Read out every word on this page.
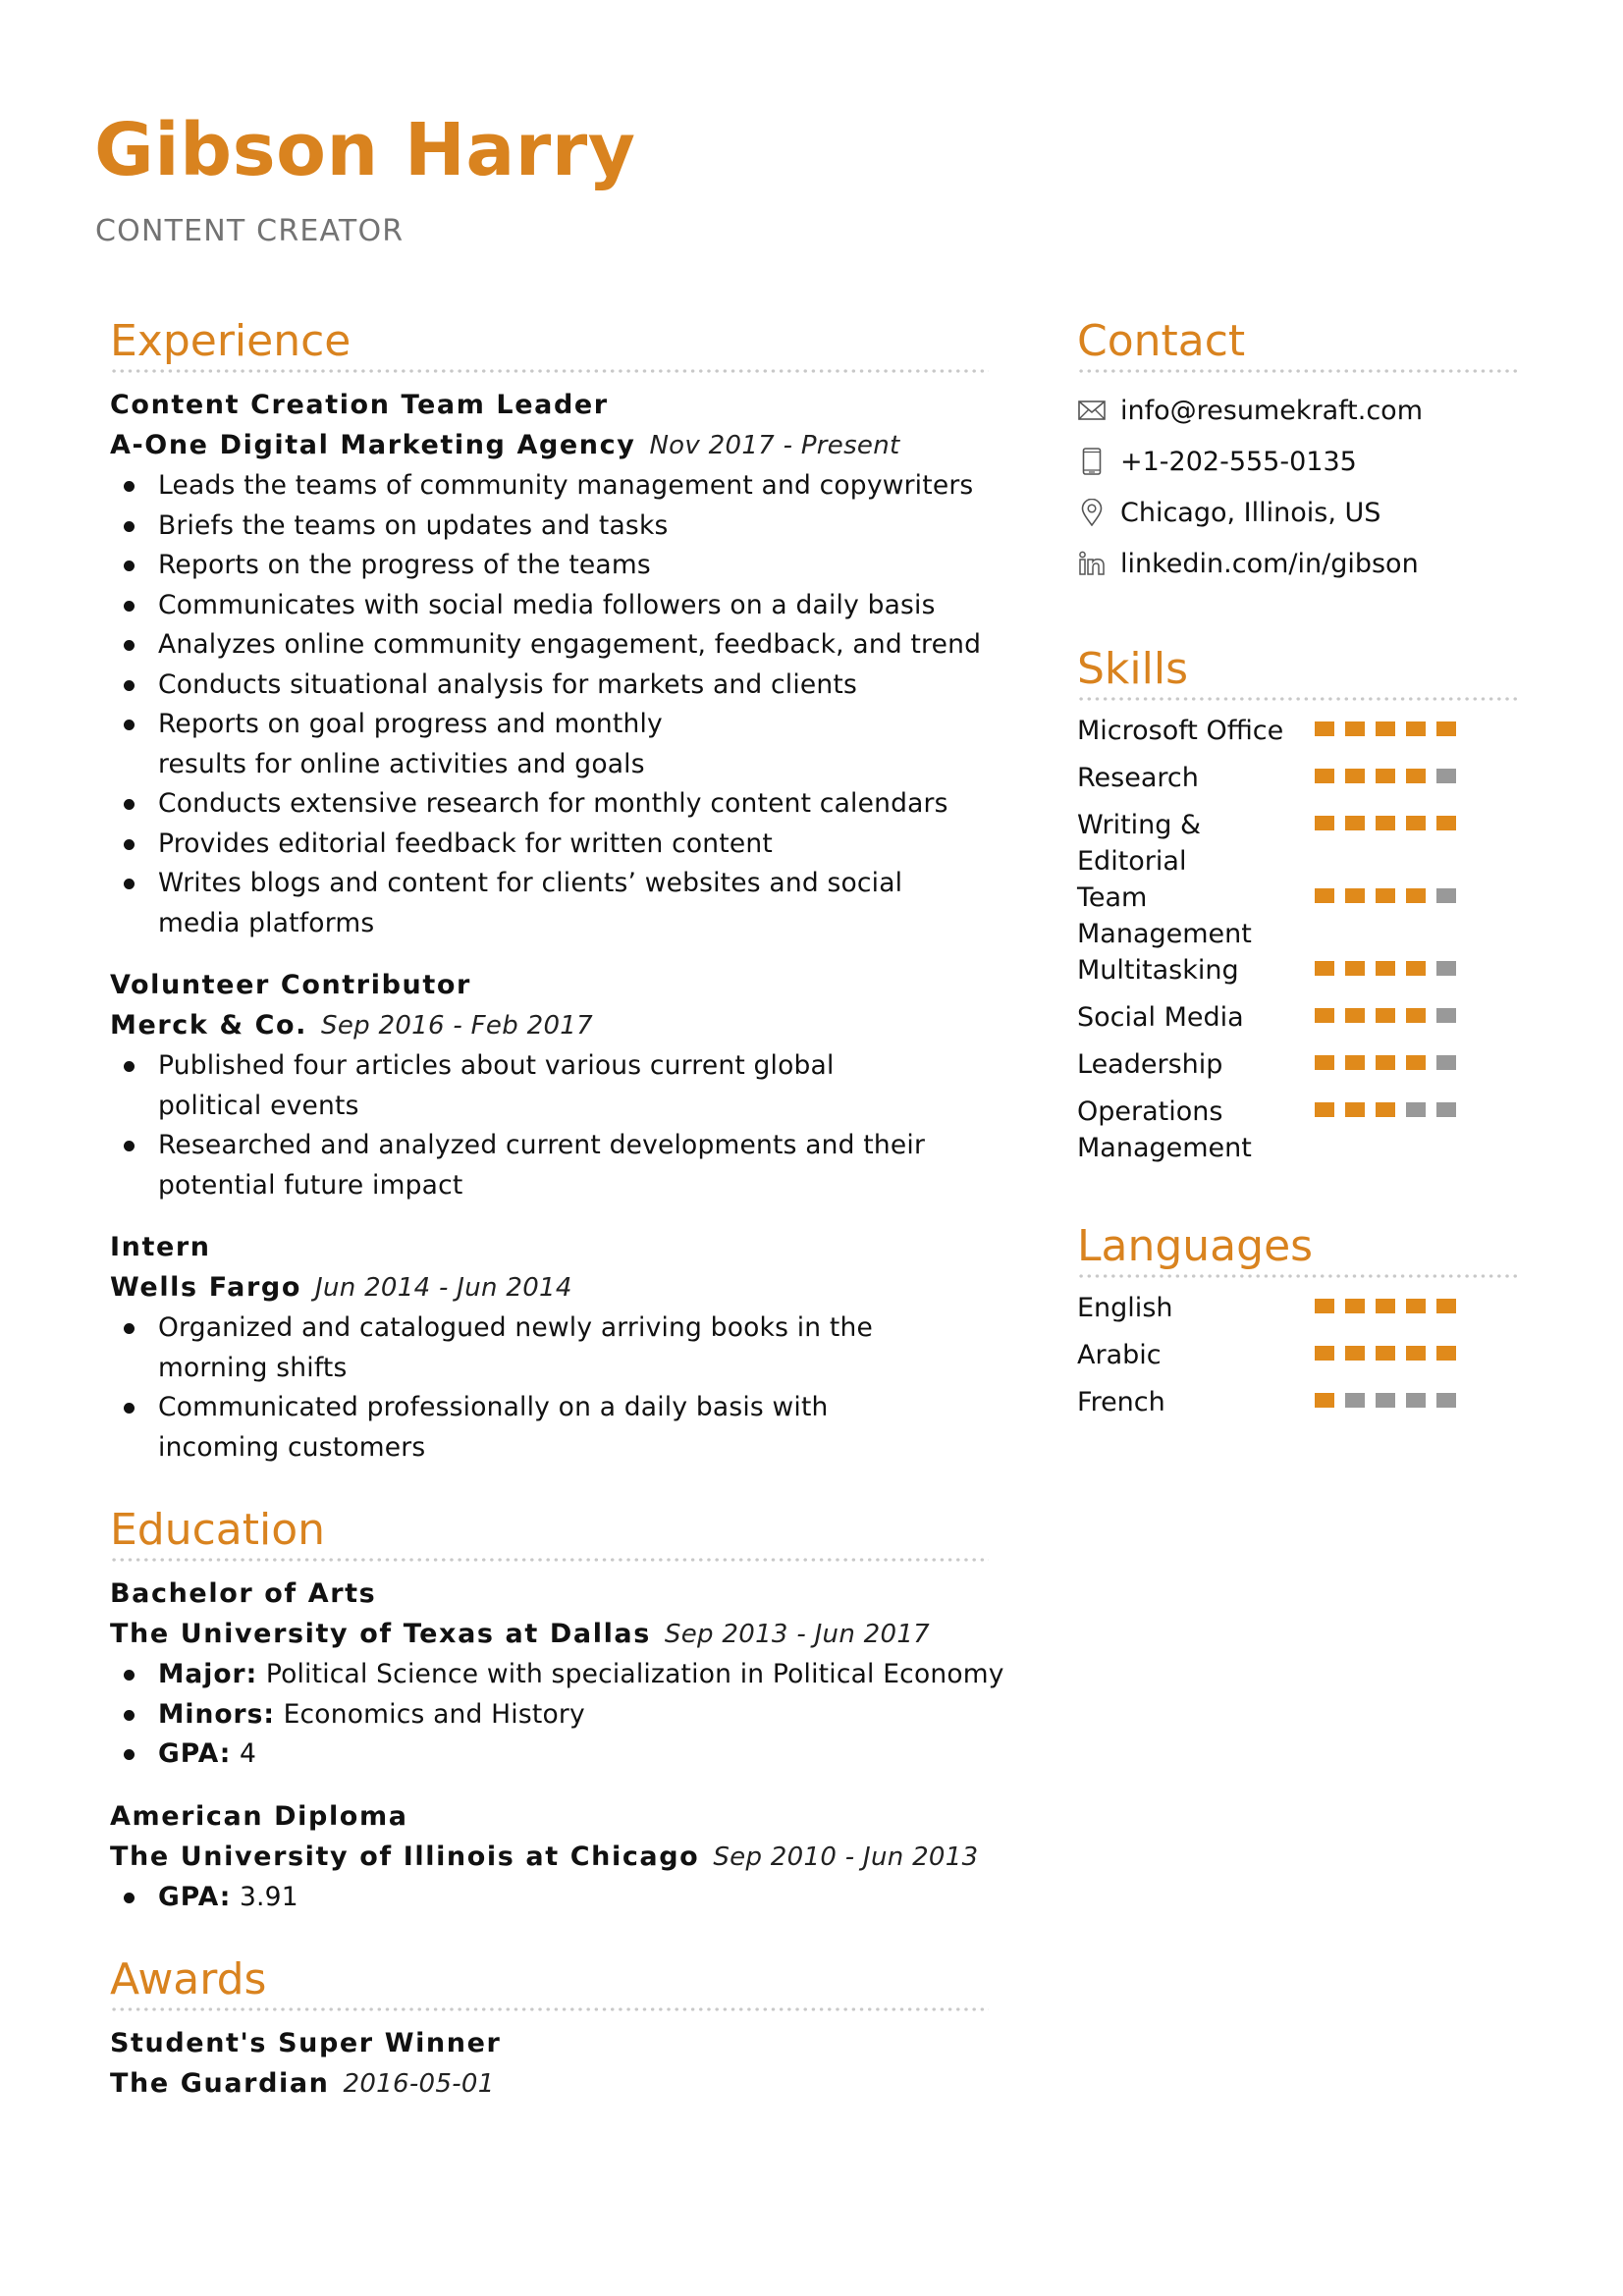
Gibson Harry
CONTENT CREATOR
Experience
Content Creation Team Leader
A-One Digital Marketing Agency Nov 2017 - Present
Leads the teams of community management and copywriters
Briefs the teams on updates and tasks
Reports on the progress of the teams
Communicates with social media followers on a daily basis
Analyzes online community engagement, feedback, and trend
Conducts situational analysis for markets and clients
Reports on goal progress and monthly results for online activities and goals
Conducts extensive research for monthly content calendars
Provides editorial feedback for written content
Writes blogs and content for clients’ websites and social media platforms
Volunteer Contributor
Merck & Co. Sep 2016 - Feb 2017
Published four articles about various current global political events
Researched and analyzed current developments and their potential future impact
Intern
Wells Fargo Jun 2014 - Jun 2014
Organized and catalogued newly arriving books in the morning shifts
Communicated professionally on a daily basis with incoming customers
Education
Bachelor of Arts
The University of Texas at Dallas Sep 2013 - Jun 2017
Major: Political Science with specialization in Political Economy
Minors: Economics and History
GPA: 4
American Diploma
The University of Illinois at Chicago Sep 2010 - Jun 2013
GPA: 3.91
Awards
Student's Super Winner
The Guardian 2016-05-01
Contact
info@resumekraft.com
+1-202-555-0135
Chicago, Illinois, US
linkedin.com/in/gibson
Skills
Microsoft Office
Research
Writing & Editorial
Team Management
Multitasking
Social Media
Leadership
Operations Management
Languages
English
Arabic
French
